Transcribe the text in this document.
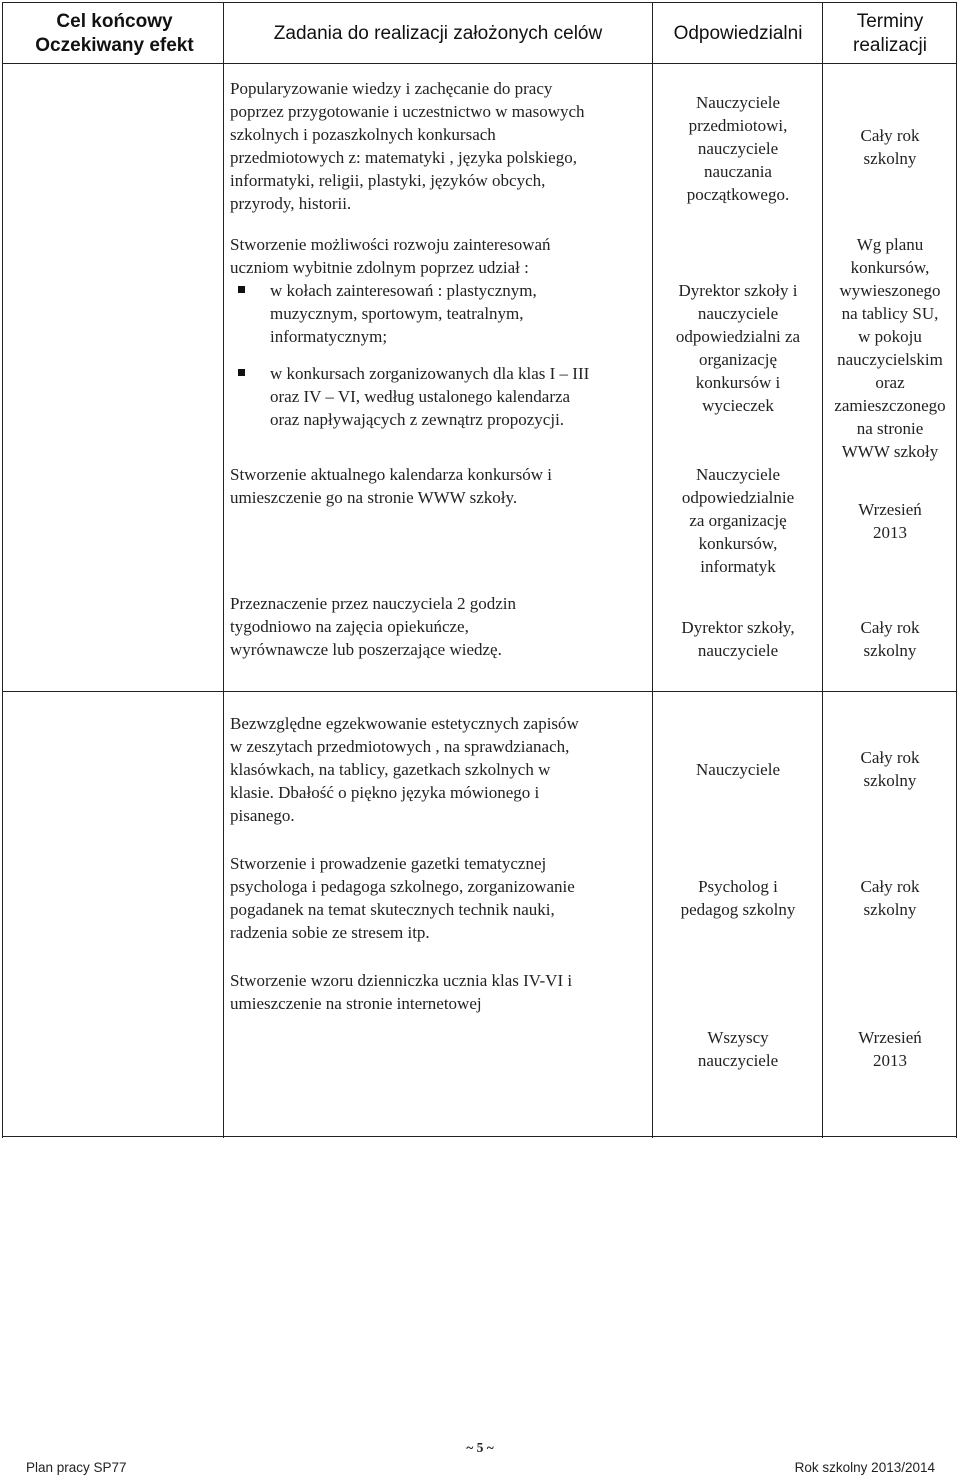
Cel końcowy
Oczekiwany efekt
Zadania do realizacji założonych celów	Odpowiedzialni
Terminy
realizacji
Popularyzowanie wiedzy i zachęcanie do pracy
poprzez przygotowanie i uczestnictwo w masowych
szkolnych i pozaszkolnych konkursach
przedmiotowych z: matematyki , języka polskiego,
informatyki, religii, plastyki, języków obcych,
przyrody, historii.
Nauczyciele
przedmiotowi,
nauczyciele
nauczania
początkowego.
Cały rok
szkolny
Stworzenie możliwości rozwoju zainteresowań
uczniom wybitnie zdolnym poprzez udział :
w kołach zainteresowań : plastycznym,
muzycznym, sportowym, teatralnym,
informatycznym;
w konkursach zorganizowanych dla klas I – III
oraz IV – VI, według ustalonego kalendarza
oraz napływających z zewnątrz propozycji.
Dyrektor szkoły i
nauczyciele
odpowiedzialni za
organizację
konkursów i
wycieczek
Wg planu
konkursów,
wywieszonego
na tablicy SU,
w pokoju
nauczycielskim
oraz
zamieszczonego
na stronie
WWW szkoły
Stworzenie aktualnego kalendarza konkursów i
umieszczenie go na stronie WWW szkoły.
Nauczyciele
odpowiedzialnie
za organizację
konkursów,
informatyk
Wrzesień
2013
Przeznaczenie przez nauczyciela 2 godzin
tygodniowo na zajęcia opiekuńcze,
wyrównawcze lub poszerzające wiedzę.
Dyrektor szkoły,
nauczyciele
Cały rok
szkolny
Bezwzględne egzekwowanie estetycznych zapisów
w zeszytach przedmiotowych , na sprawdzianach,
klasówkach, na tablicy, gazetkach szkolnych w
klasie. Dbałość o piękno języka mówionego i
pisanego.
Nauczyciele
Cały rok
szkolny
Stworzenie i prowadzenie gazetki tematycznej
psychologa i pedagoga szkolnego, zorganizowanie
pogadanek na temat skutecznych technik nauki,
radzenia sobie ze stresem itp.
Psycholog i
pedagog szkolny
Cały rok
szkolny
Stworzenie wzoru dzienniczka ucznia klas IV-VI i
umieszczenie na stronie internetowej
Wszyscy
nauczyciele
Wrzesień
2013
Plan pracy SP77
~ 5 ~
Rok szkolny 2013/2014
